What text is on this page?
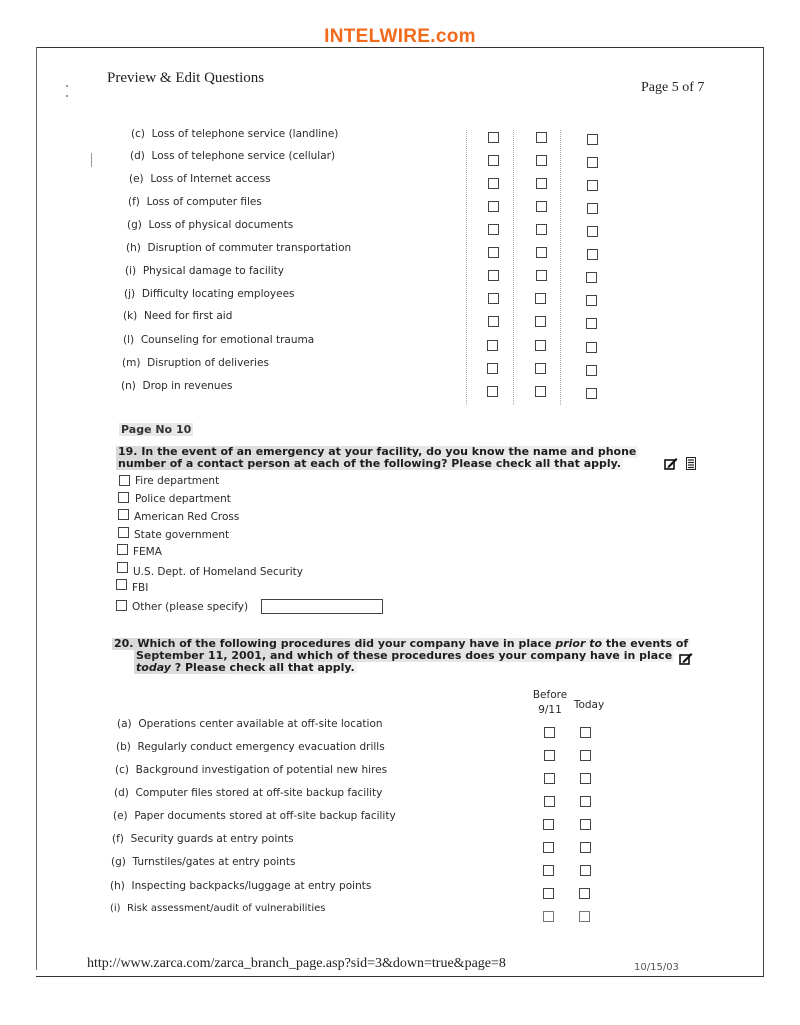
INTELWIRE.com
Preview & Edit Questions
Page 5 of 7
(c) Loss of telephone service (landline)
(d) Loss of telephone service (cellular)
(e) Loss of Internet access
(f) Loss of computer files
(g) Loss of physical documents
(h) Disruption of commuter transportation
(i) Physical damage to facility
(j) Difficulty locating employees
(k) Need for first aid
(l) Counseling for emotional trauma
(m) Disruption of deliveries
(n) Drop in revenues
Page No 10
19. In the event of an emergency at your facility, do you know the name and phone
number of a contact person at each of the following? Please check all that apply.
Fire department
Police department
American Red Cross
State government
FEMA
U.S. Dept. of Homeland Security
FBI
Other (please specify)
20. Which of the following procedures did your company have in place prior to the events of
September 11, 2001, and which of these procedures does your company have in place
today ? Please check all that apply.
Before
9/11	Today
(a) Operations center available at off-site location
(b) Regularly conduct emergency evacuation drills
(c) Background investigation of potential new hires
(d) Computer files stored at off-site backup facility
(e) Paper documents stored at off-site backup facility
(f) Security guards at entry points
(g) Turnstiles/gates at entry points
(h) Inspecting backpacks/luggage at entry points
(i) Risk assessment/audit of vulnerabilities
http://www.zarca.com/zarca_branch_page.asp?sid=3&down=true&page=8	10/15/03
